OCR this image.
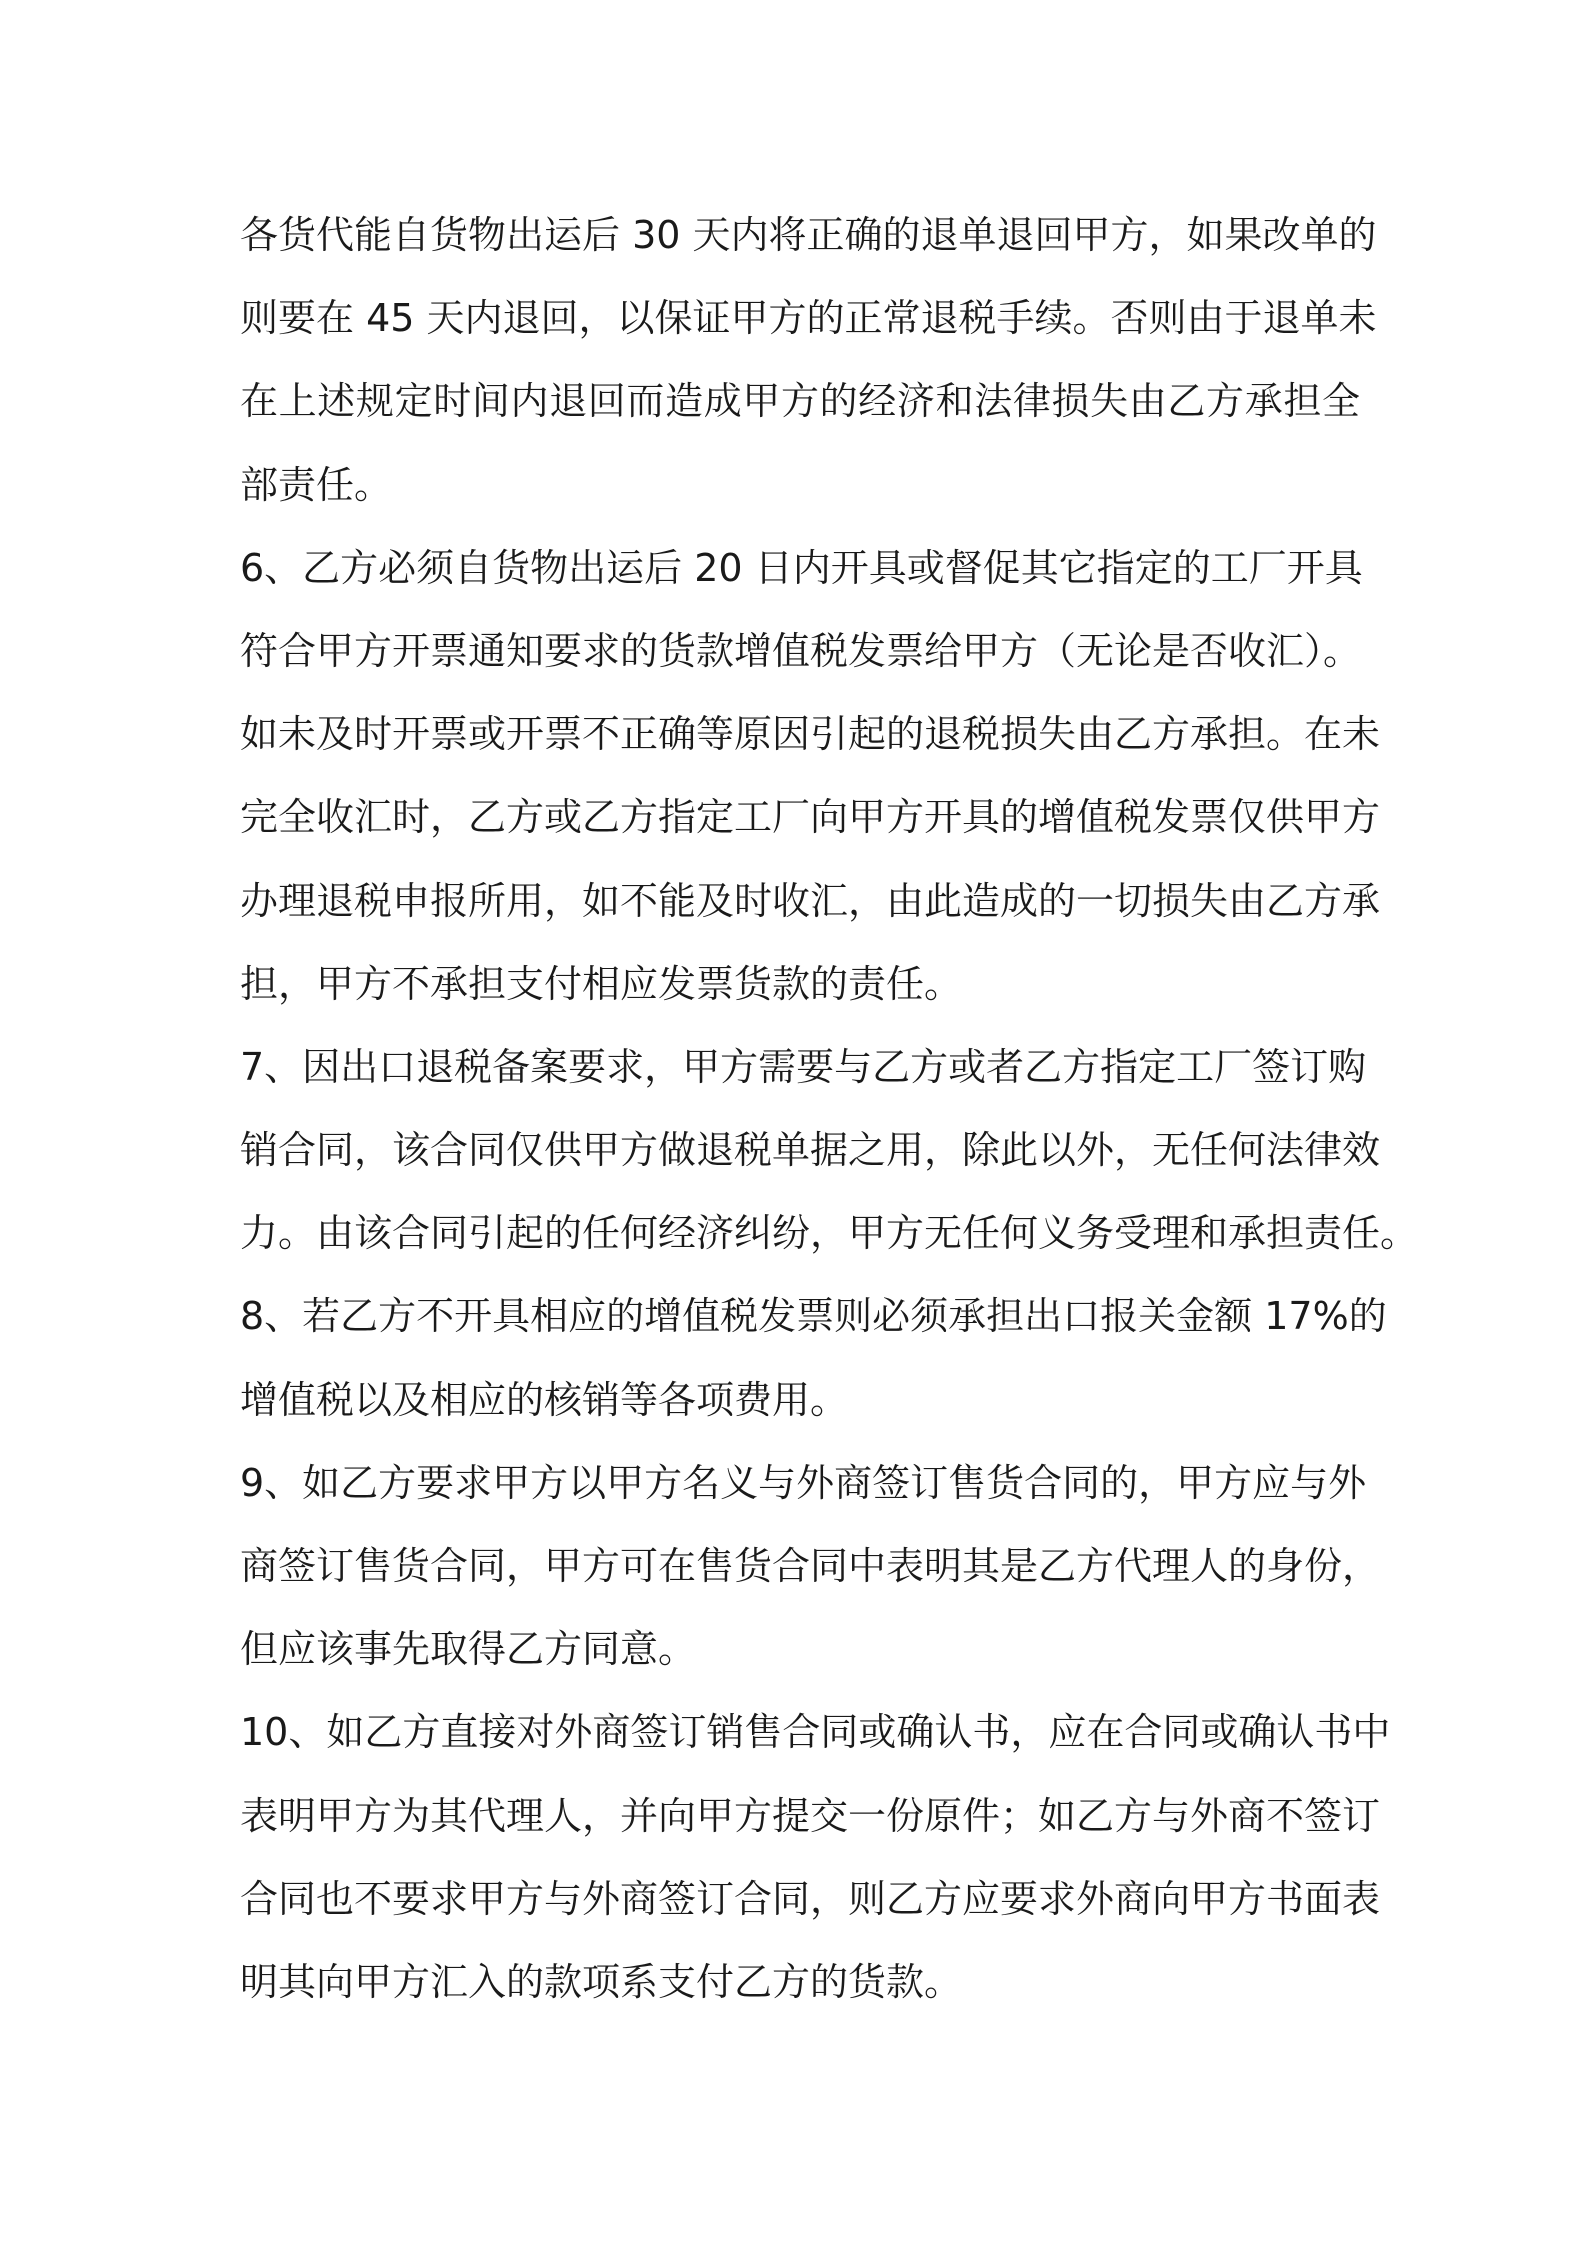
各货代能自货物出运后 30 天内将正确的退单退回甲方，如果改单的
则要在 45 天内退回，以保证甲方的正常退税手续。否则由于退单未
在上述规定时间内退回而造成甲方的经济和法律损失由乙方承担全
部责任。
6、乙方必须自货物出运后 20 日内开具或督促其它指定的工厂开具
符合甲方开票通知要求的货款增值税发票给甲方（无论是否收汇）。
如未及时开票或开票不正确等原因引起的退税损失由乙方承担。在未
完全收汇时，乙方或乙方指定工厂向甲方开具的增值税发票仅供甲方
办理退税申报所用，如不能及时收汇，由此造成的一切损失由乙方承
担，甲方不承担支付相应发票货款的责任。
7、因出口退税备案要求，甲方需要与乙方或者乙方指定工厂签订购
销合同，该合同仅供甲方做退税单据之用，除此以外，无任何法律效
力。由该合同引起的任何经济纠纷，甲方无任何义务受理和承担责任。
8、若乙方不开具相应的增值税发票则必须承担出口报关金额 17%的
增值税以及相应的核销等各项费用。
9、如乙方要求甲方以甲方名义与外商签订售货合同的，甲方应与外
商签订售货合同，甲方可在售货合同中表明其是乙方代理人的身份，
但应该事先取得乙方同意。
10、如乙方直接对外商签订销售合同或确认书，应在合同或确认书中
表明甲方为其代理人，并向甲方提交一份原件；如乙方与外商不签订
合同也不要求甲方与外商签订合同，则乙方应要求外商向甲方书面表
明其向甲方汇入的款项系支付乙方的货款。
